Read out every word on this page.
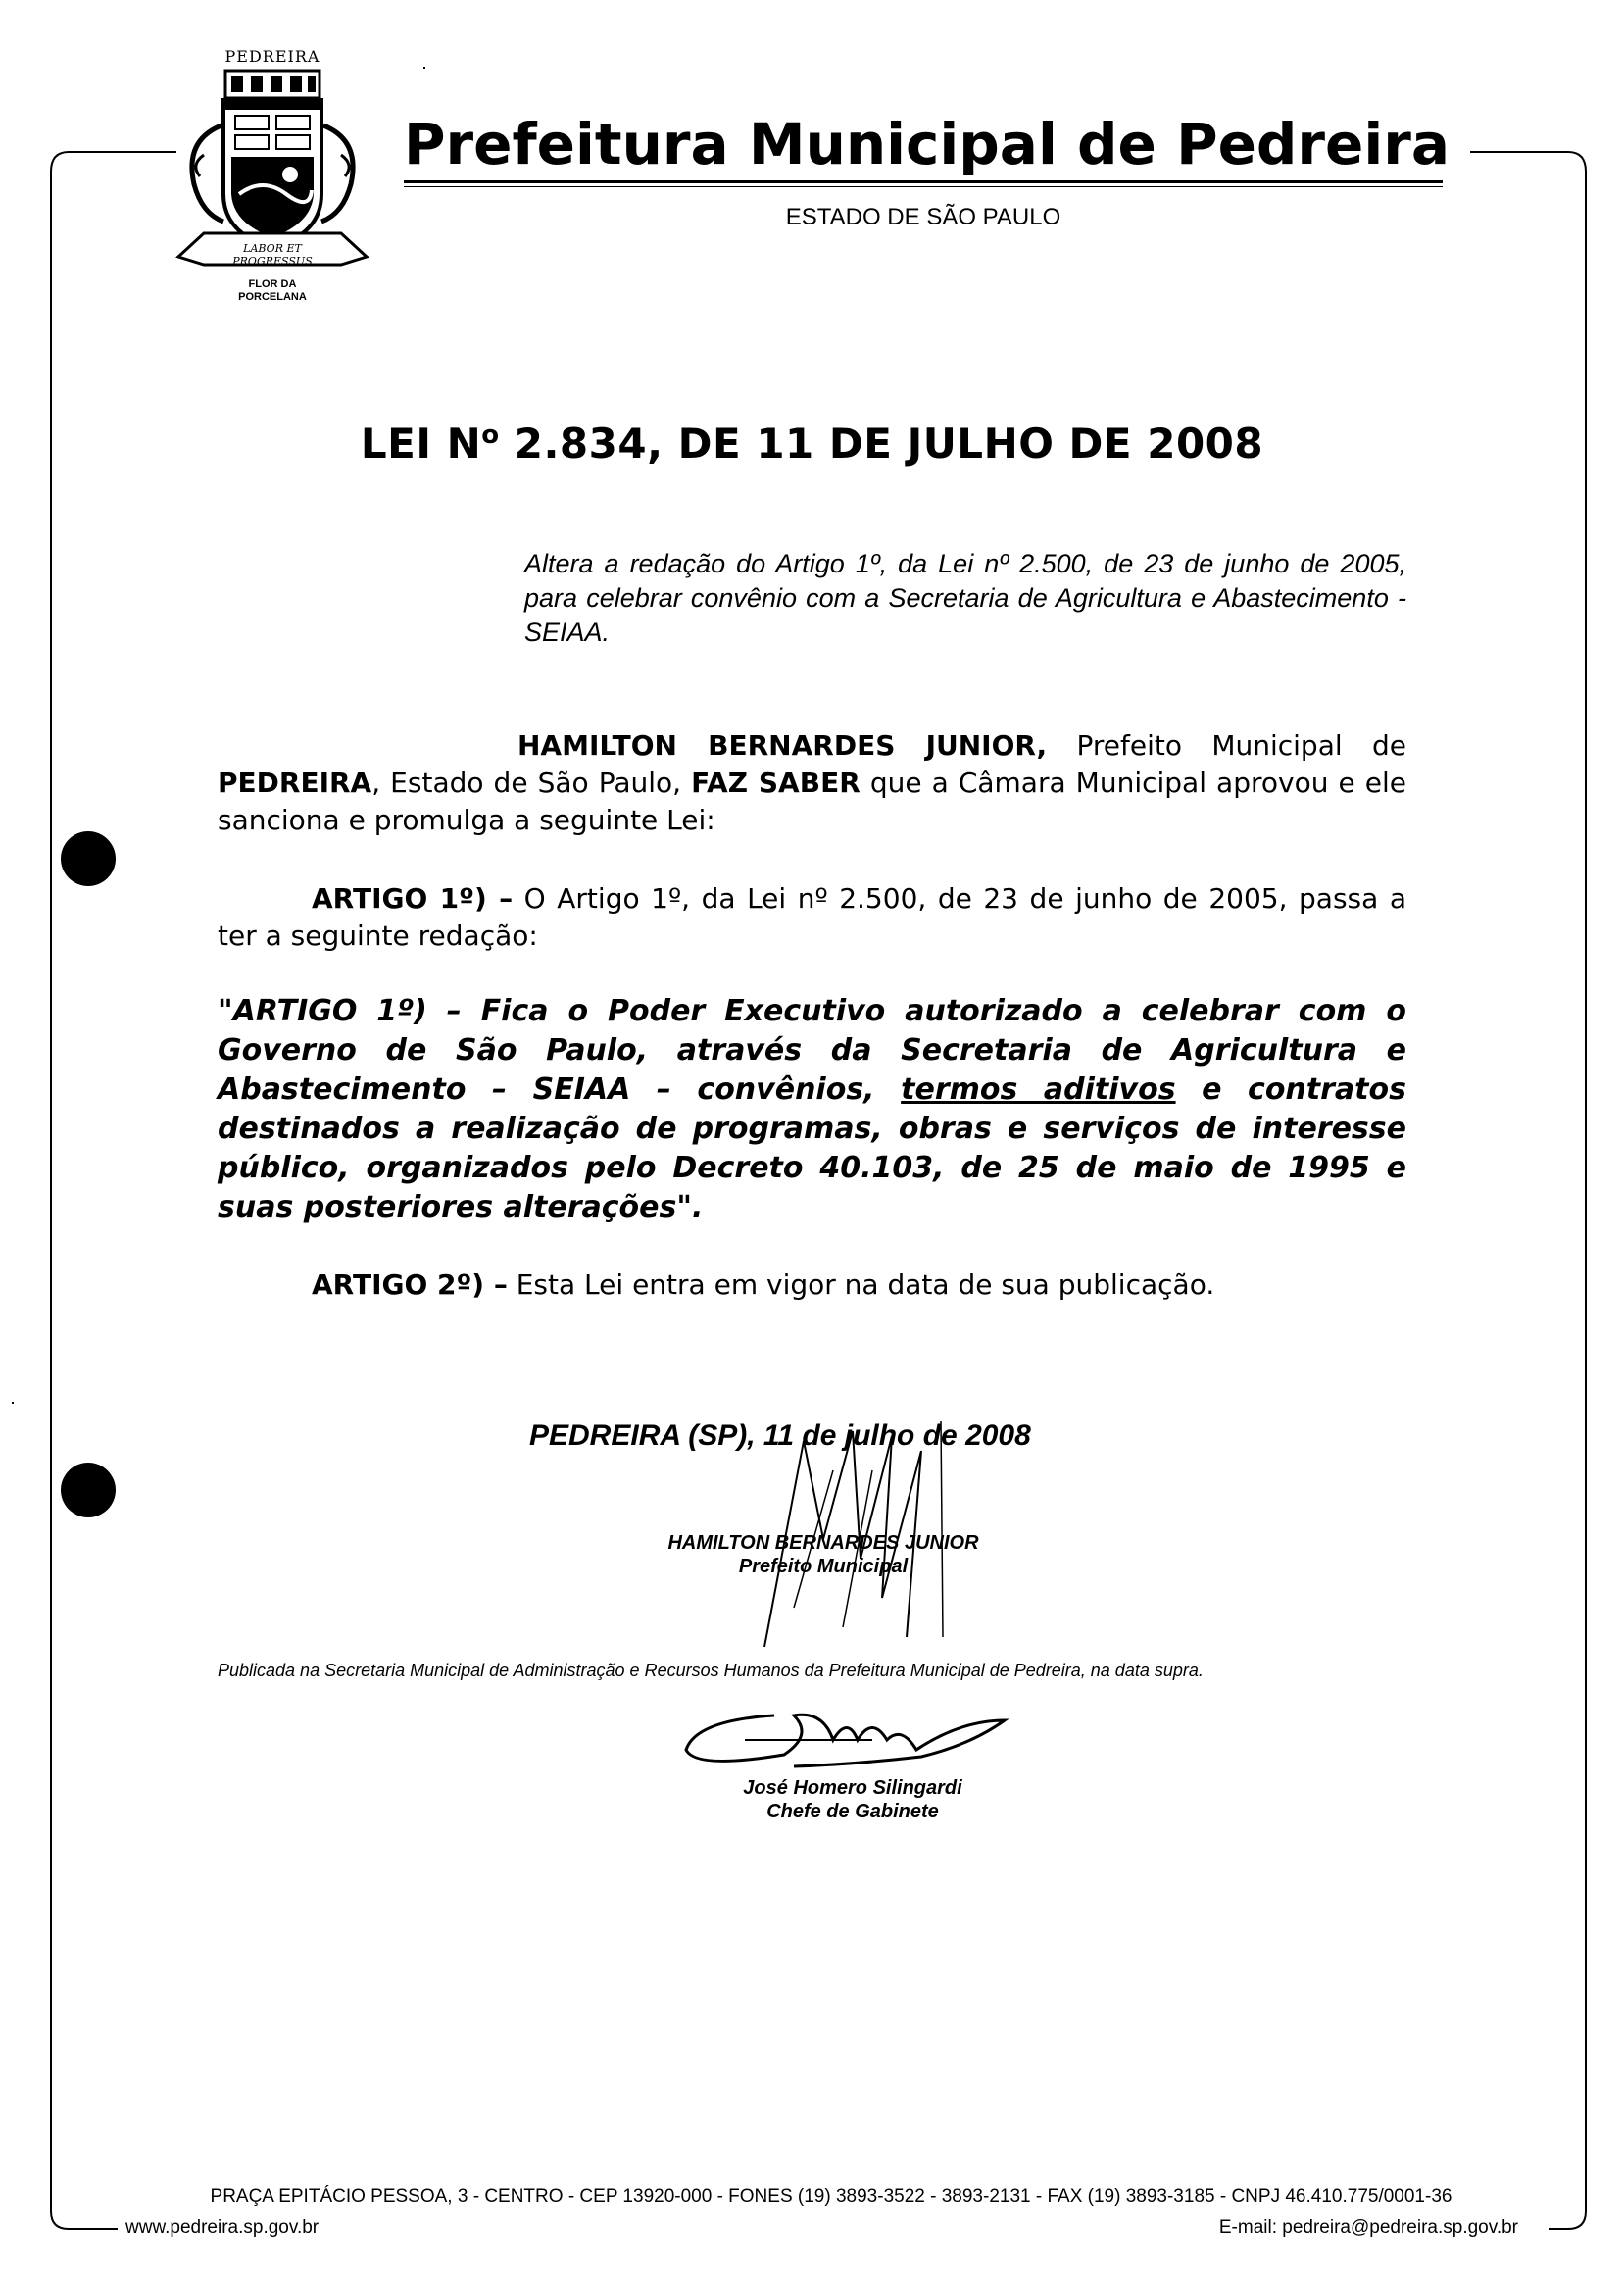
PEDREIRA
LABOR ET PROGRESSUS
FLOR DA
PORCELANA
Prefeitura Municipal de Pedreira
ESTADO DE SÃO PAULO
LEI $N^o$ 2.834, DE 11 DE JULHO DE 2008
Altera a redação do Artigo 1º, da Lei nº 2.500, de 23 de junho de 2005, para celebrar convênio com a Secretaria de Agricultura e Abastecimento - SEIAA.
HAMILTON BERNARDES JUNIOR, Prefeito Municipal de PEDREIRA, Estado de São Paulo, FAZ SABER que a Câmara Municipal aprovou e ele sanciona e promulga a seguinte Lei:
ARTIGO 1º) – O Artigo 1º, da Lei nº 2.500, de 23 de junho de 2005, passa a ter a seguinte redação:
"ARTIGO 1º) – Fica o Poder Executivo autorizado a celebrar com o Governo de São Paulo, através da Secretaria de Agricultura e Abastecimento – SEIAA – convênios, termos aditivos e contratos destinados a realização de programas, obras e serviços de interesse público, organizados pelo Decreto 40.103, de 25 de maio de 1995 e suas posteriores alterações".
ARTIGO 2º) – Esta Lei entra em vigor na data de sua publicação.
PEDREIRA (SP), 11 de julho de 2008
HAMILTON BERNARDES JUNIOR
Prefeito Municipal
Publicada na Secretaria Municipal de Administração e Recursos Humanos da Prefeitura Municipal de Pedreira, na data supra.
José Homero Silingardi
Chefe de Gabinete
PRAÇA EPITÁCIO PESSOA, 3 - CENTRO - CEP 13920-000 - FONES (19) 3893-3522 - 3893-2131 - FAX (19) 3893-3185 - CNPJ 46.410.775/0001-36
www.pedreira.sp.gov.br	E-mail: pedreira@pedreira.sp.gov.br
